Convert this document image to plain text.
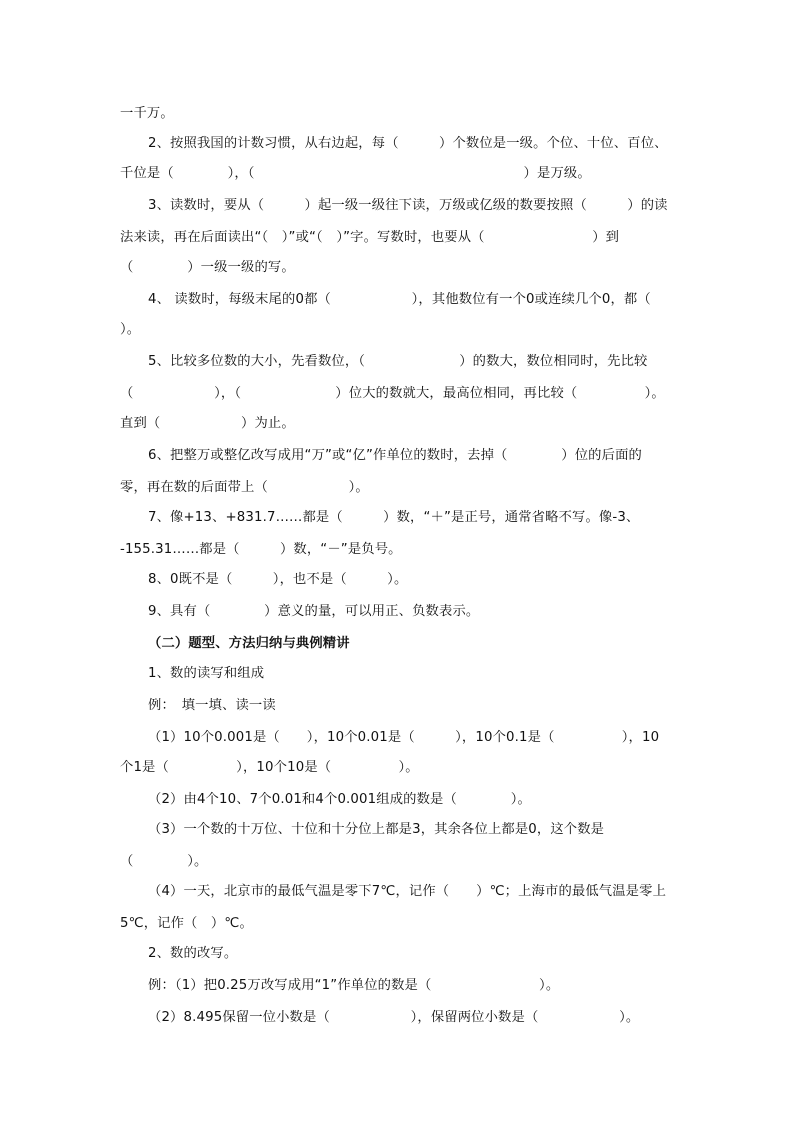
一千万。
2、按照我国的计数习惯，从右边起，每（　　　）个数位是一级。个位、十位、百位、
千位是（　　　　），（　　　　　　　　　　　　　　　　　　　　）是万级。
3、读数时，要从（　　　）起一级一级往下读，万级或亿级的数要按照（　　　）的读
法来读，再在后面读出“（　）”或“（　）”字。写数时，也要从（　　　　　　　　）到
（　　　　）一级一级的写。
4、 读数时，每级末尾的0都（　　　　　　），其他数位有一个0或连续几个0，都（
）。
5、比较多位数的大小，先看数位，（　　　　　　　）的数大，数位相同时，先比较
（　　　　　　），（　　　　　　　）位大的数就大，最高位相同，再比较（　　　　　）。
直到（　　　　　　）为止。
6、把整万或整亿改写成用“万”或“亿”作单位的数时，去掉（　　　　）位的后面的
零，再在数的后面带上（　　　　　　）。
7、像+13、+831.7……都是（　　　）数，“＋”是正号，通常省略不写。像-3、
-155.31……都是（　　　）数，“－”是负号。
8、0既不是（　　　），也不是（　　　）。
9、具有（　　　　）意义的量，可以用正、负数表示。
（二）题型、方法归纳与典例精讲
1、数的读写和组成
例：　填一填、读一读
（1）10个0.001是（　　），10个0.01是（　　　），10个0.1是（　　　　　），10
个1是（　　　　　），10个10是（　　　　　）。
（2）由4个10、7个0.01和4个0.001组成的数是（　　　　）。
（3）一个数的十万位、十位和十分位上都是3，其余各位上都是0，这个数是
（　　　　）。
（4）一天，北京市的最低气温是零下7℃，记作（　　）℃；上海市的最低气温是零上
5℃，记作（　）℃。
2、数的改写。
例：（1）把0.25万改写成用“1”作单位的数是（　　　　　　　　）。
（2）8.495保留一位小数是（　　　　　　），保留两位小数是（　　　　　　）。
